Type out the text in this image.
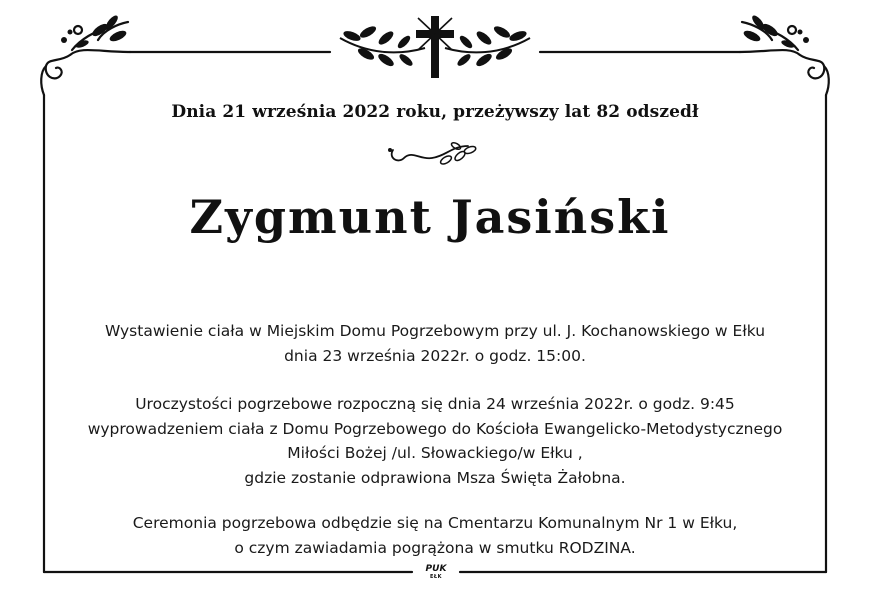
Dnia 21 września 2022 roku, przeżywszy lat 82 odszedł
Zygmunt Jasiński
Wystawienie ciała w Miejskim Domu Pogrzebowym przy ul. J. Kochanowskiego w Ełku
dnia 23 września 2022r. o godz. 15:00.
Uroczystości pogrzebowe rozpoczną się dnia 24 września 2022r. o godz. 9:45
wyprowadzeniem ciała z Domu Pogrzebowego do Kościoła Ewangelicko-Metodystycznego
Miłości Bożej /ul. Słowackiego/w Ełku ,
gdzie zostanie odprawiona Msza Święta Żałobna.
Ceremonia pogrzebowa odbędzie się na Cmentarzu Komunalnym Nr 1 w Ełku,
o czym zawiadamia pogrążona w smutku RODZINA.
PUK
EŁK
